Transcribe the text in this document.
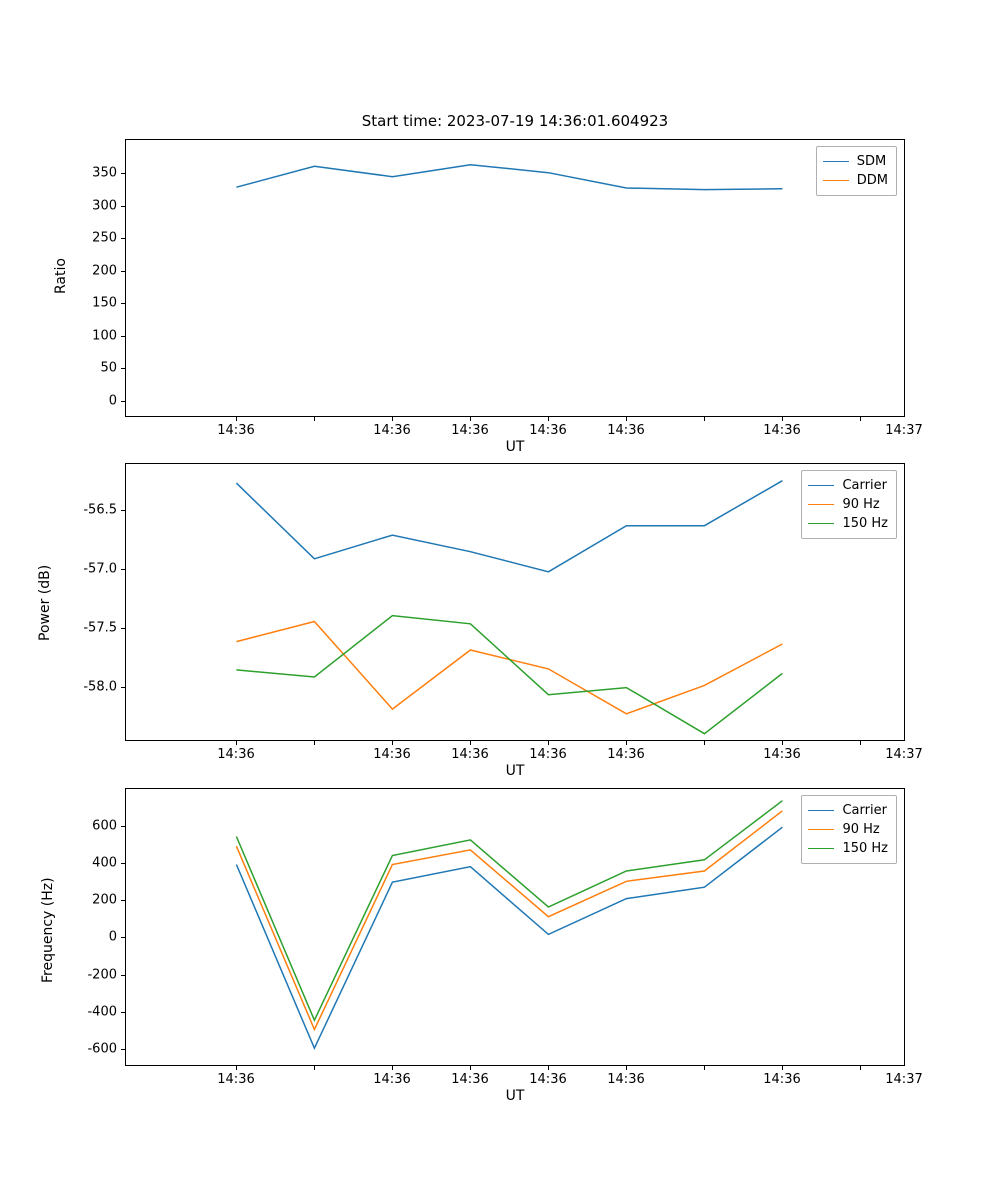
Start time: 2023-07-19 14:36:01.604923
14:36	14:36	14:36	14:36	14:36	14:36	14:37
0
50
100
150
200
250
300
350
Ratio
UT
SDM
DDM
14:36	14:36	14:36	14:36	14:36	14:36	14:37
-56.5
-57.0
-57.5
-58.0
Power (dB)
UT
Carrier
90 Hz
150 Hz
14:36	14:36	14:36	14:36	14:36	14:36	14:37
-600
-400
-200
0
200
400
600
Frequency (Hz)
UT
Carrier
90 Hz
150 Hz
